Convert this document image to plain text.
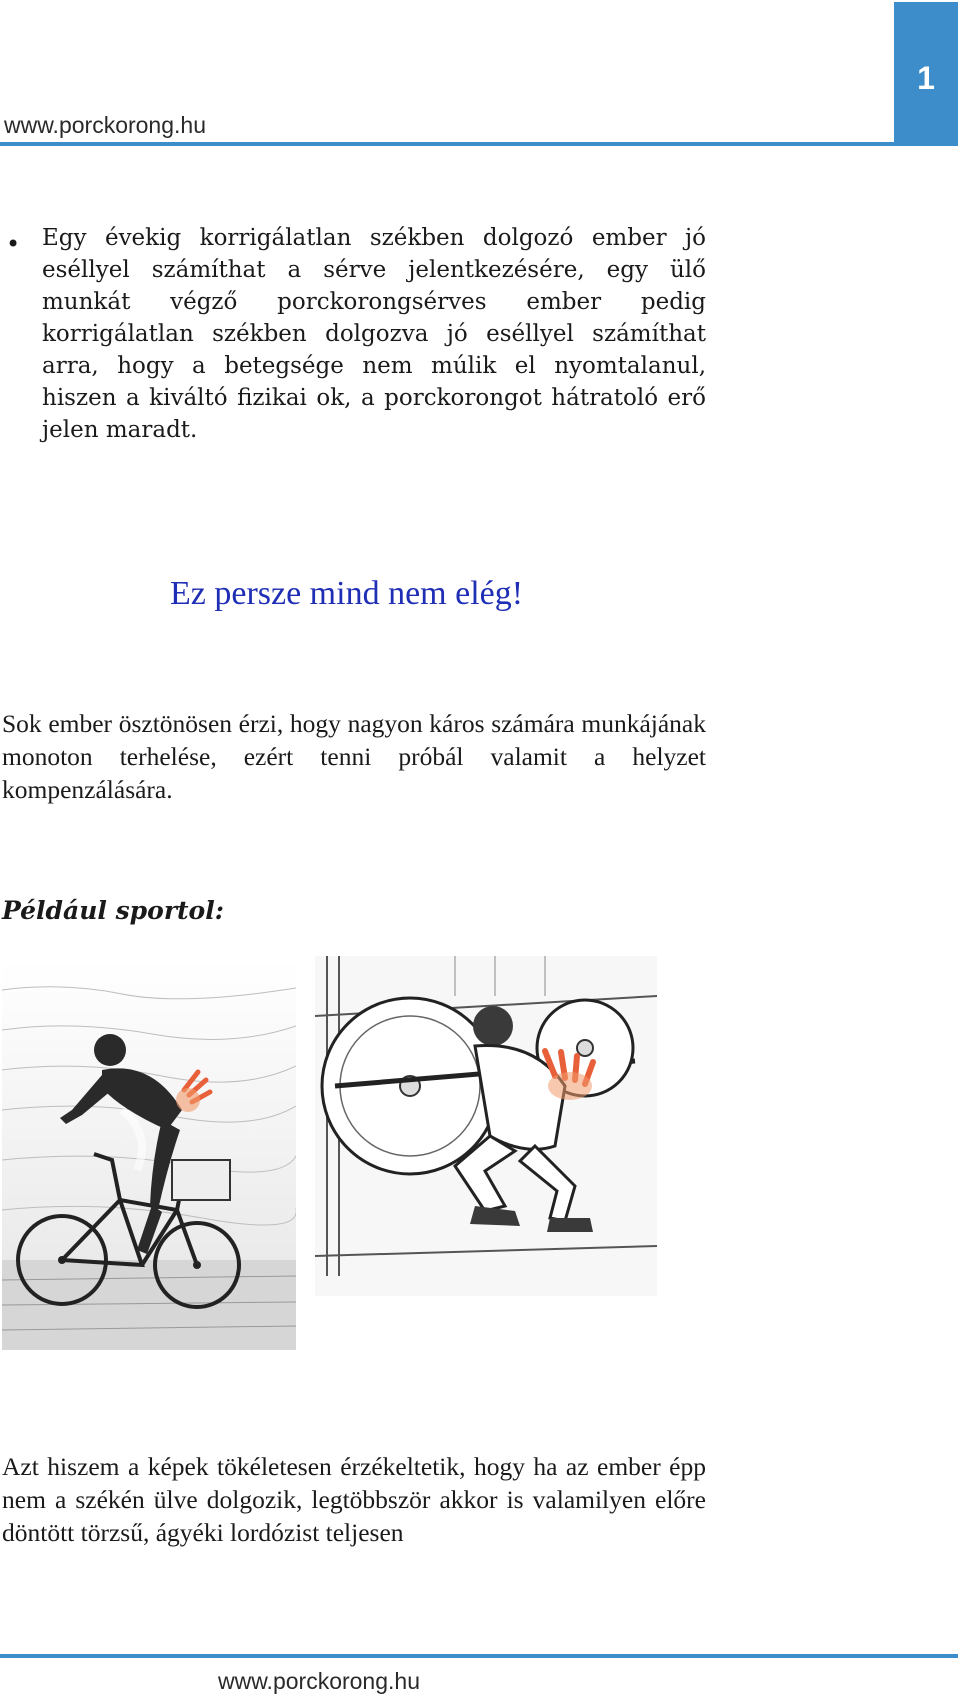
www.porckorong.hu
1
• Egy évekig korrigálatlan székben dolgozó ember jó eséllyel számíthat a sérve jelentkezésére, egy ülő munkát végző porckorongsérves ember pedig korrigálatlan székben dolgozva jó eséllyel számíthat arra, hogy a betegsége nem múlik el nyomtalanul, hiszen a kiváltó fizikai ok, a porckorongot hátratoló erő jelen maradt.
Ez persze mind nem elég!
Sok ember ösztönösen érzi, hogy nagyon káros számára munkájának monoton terhelése, ezért tenni próbál valamit a helyzet kompenzálására.
Például sportol:
Azt hiszem a képek tökéletesen érzékeltetik, hogy ha az ember épp nem a székén ülve dolgozik, legtöbbször akkor is valamilyen előre döntött törzsű, ágyéki lordózist teljesen
www.porckorong.hu
